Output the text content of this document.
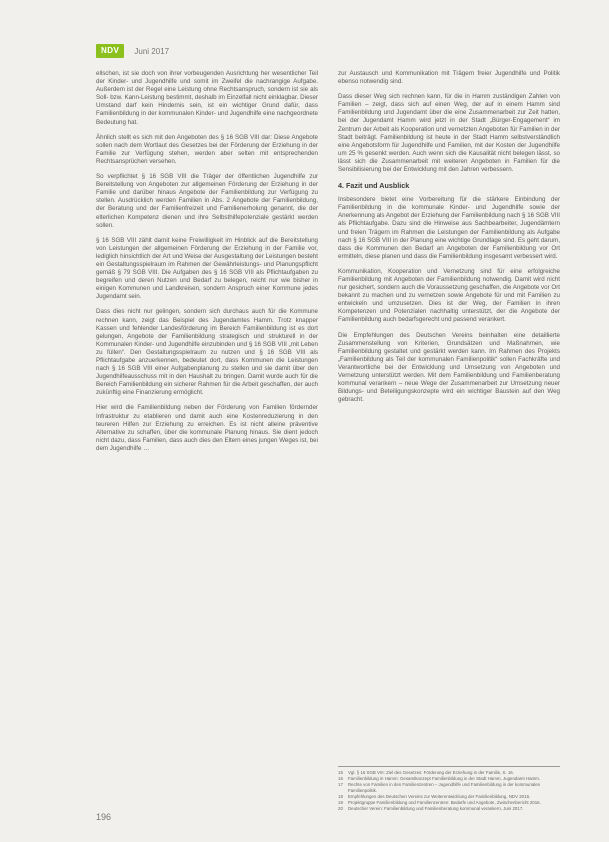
NDV	Juni 2017

ellschen, ist sie doch von ihrer vorbeugenden Ausrichtung her wesentlicher Teil der Kinder- und Jugendhilfe und somit im Zweifel die nachrangige Aufgabe. Außerdem ist der Regel eine Leistung ohne Rechtsanspruch, sondern ist sie als Soll- bzw. Kann-Leistung bestimmt, deshalb im Einzelfall nicht einklagbar. Dieser Umstand darf kein Hindernis sein, ist ein wichtiger Grund dafür, dass Familienbildung in der kommunalen Kinder- und Jugendhilfe eine nachgeordnete Bedeutung hat.

Ähnlich stellt es sich mit den Angeboten des § 16 SGB VIII dar: Diese Angebote sollen nach dem Wortlaut des Gesetzes bei der Förderung der Erziehung in der Familie zur Verfügung stehen, werden aber selten mit entsprechenden Rechtsansprüchen versehen.

So verpflichtet § 16 SGB VIII die Träger der öffentlichen Jugendhilfe zur Bereitstellung von Angeboten zur allgemeinen Förderung der Erziehung in der Familie und darüber hinaus Angebote der Familienbildung zur Verfügung zu stellen. Ausdrücklich werden Familien in Abs. 2 Angebote der Familienbildung, der Beratung und der Familienfreizeit und Familienerholung genannt, die der elterlichen Kompetenz dienen und ihre Selbsthilfepotenziale gestärkt werden sollen.

§ 16 SGB VIII zählt damit keine Freiwilligkeit im Hinblick auf die Bereitstellung von Leistungen der allgemeinen Förderung der Erziehung in der Familie vor, lediglich hinsichtlich der Art und Weise der Ausgestaltung der Leistungen besteht ein Gestaltungsspielraum im Rahmen der Gewährleistungs- und Planungspflicht gemäß § 79 SGB VIII. Die Aufgaben des § 16 SGB VIII als Pflichtaufgaben zu begreifen und deren Nutzen und Bedarf zu belegen, reicht nur wie bisher in einigen Kommunen und Landkreisen, sondern Anspruch einer Kommune jedes Jugendamt sein.

Dass dies nicht nur gelingen, sondern sich durchaus auch für die Kommune rechnen kann, zeigt das Beispiel des Jugendamtes Hamm. Trotz knapper Kassen und fehlender Landesförderung im Bereich Familienbildung ist es dort gelungen, Angebote der Familienbildung strategisch und strukturell in der Kommunalen Kinder- und Jugendhilfe einzubinden und § 16 SGB VIII „mit Leben zu füllen“. Den Gestaltungsspielraum zu nutzen und § 16 SGB VIII als Pflichtaufgabe anzuerkennen, bedeutet dort, dass Kommunen die Leistungen nach § 16 SGB VIII einer Aufgabenplanung zu stellen und sie damit über den Jugendhilfeausschuss mit in den Haushalt zu bringen. Damit wurde auch für die Bereich Familienbildung ein sicherer Rahmen für die Arbeit geschaffen, der auch zukünftig eine Finanzierung ermöglicht.

Hier wird die Familienbildung neben der Förderung von Familien fördernder Infrastruktur zu etablieren und damit auch eine Kostenreduzierung in den teureren Hilfen zur Erziehung zu erreichen. Es ist nicht alleine präventive Alternative zu schaffen, über die kommunale Planung hinaus. Sie dient jedoch nicht dazu, dass Familien, dass auch dies den Eltern eines jungen Weges ist, bei dem Jugendhilfe …

zur Austausch und Kommunikation mit Trägern freier Jugendhilfe und Politik ebenso notwendig sind.

Dass dieser Weg sich rechnen kann, für die in Hamm zuständigen Zahlen von Familien – zeigt, dass sich auf einen Weg, der auf in einem Hamm sind Familienbildung und Jugendamt über die eine Zusammenarbeit zur Zeit hatten, bei der Jugendamt Hamm wird jetzt in der Stadt „Bürger-Engagement“ im Zentrum der Arbeit als Kooperation und vernetzten Angeboten für Familien in der Stadt beiträgt. Familienbildung ist heute in der Stadt Hamm selbstverständlich eine Angebotsform für Jugendhilfe und Familien, mit der Kosten der Jugendhilfe um 25 % gesenkt werden. Auch wenn sich die Kausalität nicht belegen lässt, so lässt sich die Zusammenarbeit mit weiteren Angeboten in Familien für die Sensibilisierung bei der Entwicklung mit den Jahren verbessern.

4. Fazit und Ausblick

Insbesondere bietet eine Vorbereitung für die stärkere Einbindung der Familienbildung in die kommunale Kinder- und Jugendhilfe sowie der Anerkennung als Angebot der Erziehung der Familienbildung nach § 16 SGB VIII als Pflichtaufgabe. Dazu sind die Hinweise aus Sachbearbeiter, Jugendämtern und freien Trägern im Rahmen die Leistungen der Familienbildung als Aufgabe nach § 16 SGB VIII in der Planung eine wichtige Grundlage sind. Es geht darum, dass die Kommunen den Bedarf an Angeboten der Familienbildung vor Ort ermitteln, diese planen und dass die Familienbildung insgesamt verbessert wird.

Kommunikation, Kooperation und Vernetzung sind für eine erfolgreiche Familienbildung mit Angeboten der Familienbildung notwendig. Damit wird nicht nur gesichert, sondern auch die Voraussetzung geschaffen, die Angebote vor Ort bekannt zu machen und zu vernetzen sowie Angebote für und mit Familien zu entwickeln und umzusetzen. Dies ist der Weg, der Familien in ihren Kompetenzen und Potenzialen nachhaltig unterstützt, der die Angebote der Familienbildung auch bedarfsgerecht und passend verankert.

Die Empfehlungen des Deutschen Vereins beinhalten eine detaillierte Zusammenstellung von Kriterien, Grundsätzen und Maßnahmen, wie Familienbildung gestaltet und gestärkt werden kann. Im Rahmen des Projekts „Familienbildung als Teil der kommunalen Familienpolitik“ sollen Fachkräfte und Verantwortliche bei der Entwicklung und Umsetzung von Angeboten und Vernetzung unterstützt werden. Mit dem Familienbildung und Familienberatung kommunal verankern – neue Wege der Zusammenarbeit zur Umsetzung neuer Bildungs- und Beteiligungskonzepte wird ein wichtiger Baustein auf den Weg gebracht.

15	Vgl. § 16 SGB VIII: Ziel des Gesetzes: Förderung der Erziehung in der Familie, S. 16.
16	Familienbildung in Hamm: Gesamtkonzept Familienbildung in der Stadt Hamm, Jugendamt Hamm.
17	Rechte von Familien in den Familienzentren – Jugendhilfe und Familienbildung in der kommunalen Familienpolitik.
18	Empfehlungen des Deutschen Vereins zur Weiterentwicklung der Familienbildung, NDV 2016.
19	Projektgruppe Familienbildung und Familienzentren: Bedarfe und Angebote, Zwischenbericht 2016.
20	Deutscher Verein: Familienbildung und Familienberatung kommunal verankern, Juni 2017.
196
